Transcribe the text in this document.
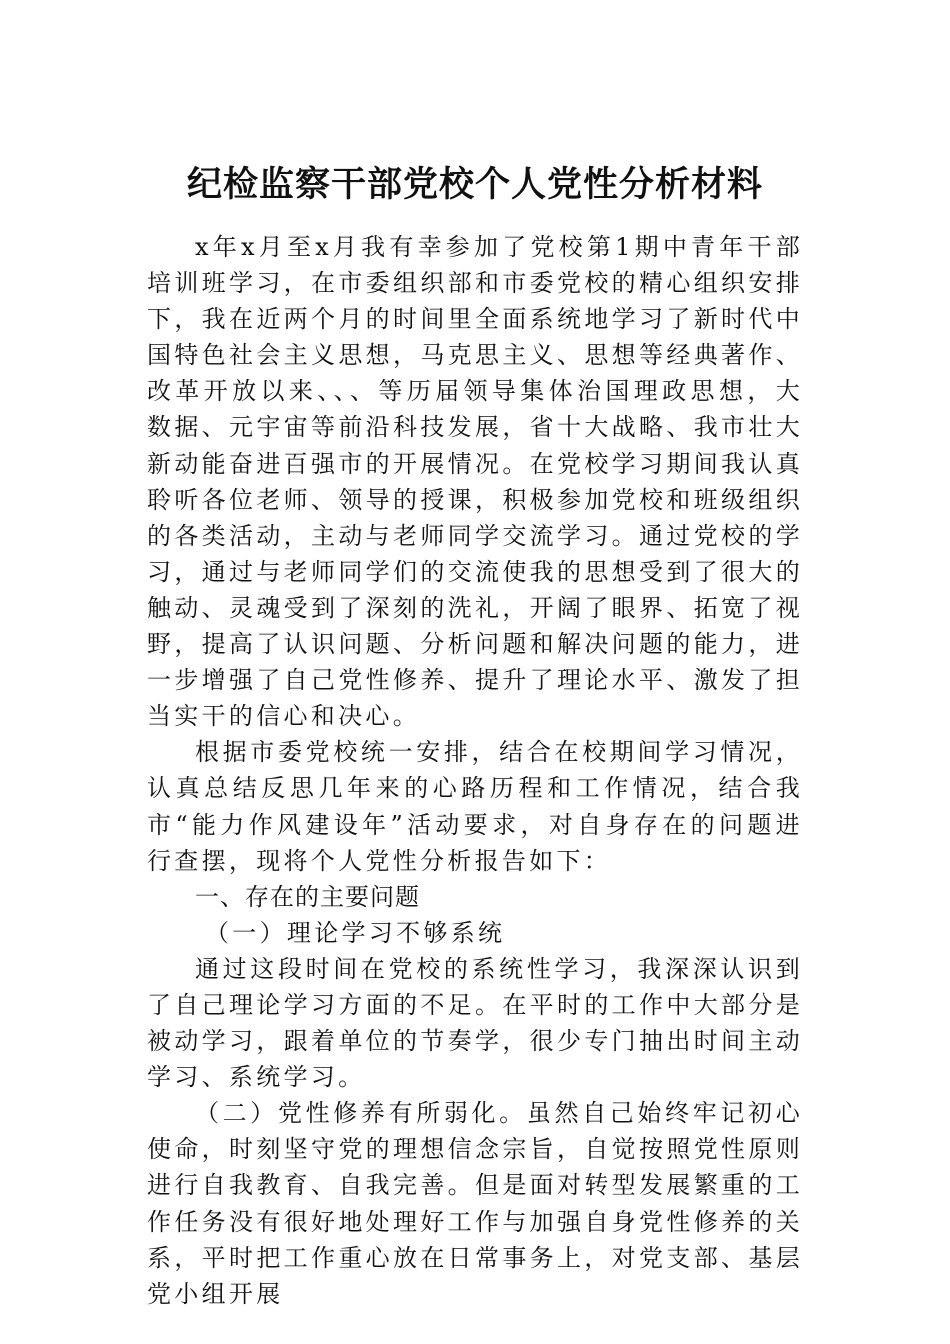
纪检监察干部党校个人党性分析材料

x年x月至x月我有幸参加了党校第1期中青年干部培训班学习，在市委组织部和市委党校的精心组织安排下，我在近两个月的时间里全面系统地学习了新时代中国特色社会主义思想，马克思主义、思想等经典著作、改革开放以来、、、等历届领导集体治国理政思想，大数据、元宇宙等前沿科技发展，省十大战略、我市壮大新动能奋进百强市的开展情况。在党校学习期间我认真聆听各位老师、领导的授课，积极参加党校和班级组织的各类活动，主动与老师同学交流学习。通过党校的学习，通过与老师同学们的交流使我的思想受到了很大的触动、灵魂受到了深刻的洗礼，开阔了眼界、拓宽了视野，提高了认识问题、分析问题和解决问题的能力，进一步增强了自己党性修养、提升了理论水平、激发了担当实干的信心和决心。

根据市委党校统一安排，结合在校期间学习情况，认真总结反思几年来的心路历程和工作情况，结合我市“能力作风建设年”活动要求，对自身存在的问题进行查摆，现将个人党性分析报告如下：

一、存在的主要问题

（一）理论学习不够系统

通过这段时间在党校的系统性学习，我深深认识到了自己理论学习方面的不足。在平时的工作中大部分是被动学习，跟着单位的节奏学，很少专门抽出时间主动学习、系统学习。

（二）党性修养有所弱化。虽然自己始终牢记初心使命，时刻坚守党的理想信念宗旨，自觉按照党性原则进行自我教育、自我完善。但是面对转型发展繁重的工作任务没有很好地处理好工作与加强自身党性修养的关系，平时把工作重心放在日常事务上，对党支部、基层党小组开展
